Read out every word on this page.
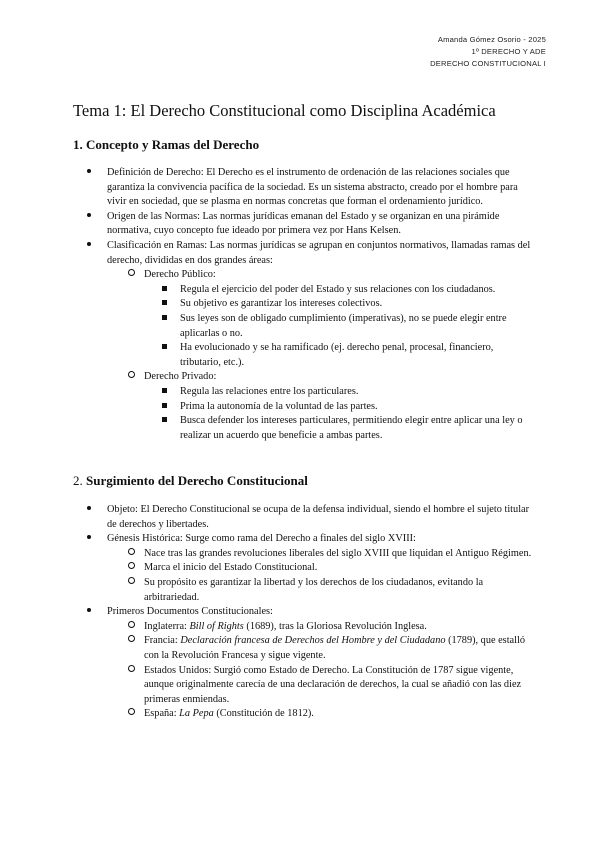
Amanda Gómez Osorio - 2025
1º DERECHO Y ADE
DERECHO CONSTITUCIONAL I
Tema 1: El Derecho Constitucional como Disciplina Académica
1. Concepto y Ramas del Derecho
Definición de Derecho: El Derecho es el instrumento de ordenación de las relaciones sociales que garantiza la convivencia pacífica de la sociedad. Es un sistema abstracto, creado por el hombre para vivir en sociedad, que se plasma en normas concretas que forman el ordenamiento jurídico.
Origen de las Normas: Las normas jurídicas emanan del Estado y se organizan en una pirámide normativa, cuyo concepto fue ideado por primera vez por Hans Kelsen.
Clasificación en Ramas: Las normas jurídicas se agrupan en conjuntos normativos, llamadas ramas del derecho, divididas en dos grandes áreas:
Derecho Público:
Regula el ejercicio del poder del Estado y sus relaciones con los ciudadanos.
Su objetivo es garantizar los intereses colectivos.
Sus leyes son de obligado cumplimiento (imperativas), no se puede elegir entre aplicarlas o no.
Ha evolucionado y se ha ramificado (ej. derecho penal, procesal, financiero, tributario, etc.).
Derecho Privado:
Regula las relaciones entre los particulares.
Prima la autonomía de la voluntad de las partes.
Busca defender los intereses particulares, permitiendo elegir entre aplicar una ley o realizar un acuerdo que beneficie a ambas partes.
2. Surgimiento del Derecho Constitucional
Objeto: El Derecho Constitucional se ocupa de la defensa individual, siendo el hombre el sujeto titular de derechos y libertades.
Génesis Histórica: Surge como rama del Derecho a finales del siglo XVIII:
Nace tras las grandes revoluciones liberales del siglo XVIII que liquidan el Antiguo Régimen.
Marca el inicio del Estado Constitucional.
Su propósito es garantizar la libertad y los derechos de los ciudadanos, evitando la arbitrariedad.
Primeros Documentos Constitucionales:
Inglaterra: Bill of Rights (1689), tras la Gloriosa Revolución Inglesa.
Francia: Declaración francesa de Derechos del Hombre y del Ciudadano (1789), que estalló con la Revolución Francesa y sigue vigente.
Estados Unidos: Surgió como Estado de Derecho. La Constitución de 1787 sigue vigente, aunque originalmente carecía de una declaración de derechos, la cual se añadió con las diez primeras enmiendas.
España: La Pepa (Constitución de 1812).
